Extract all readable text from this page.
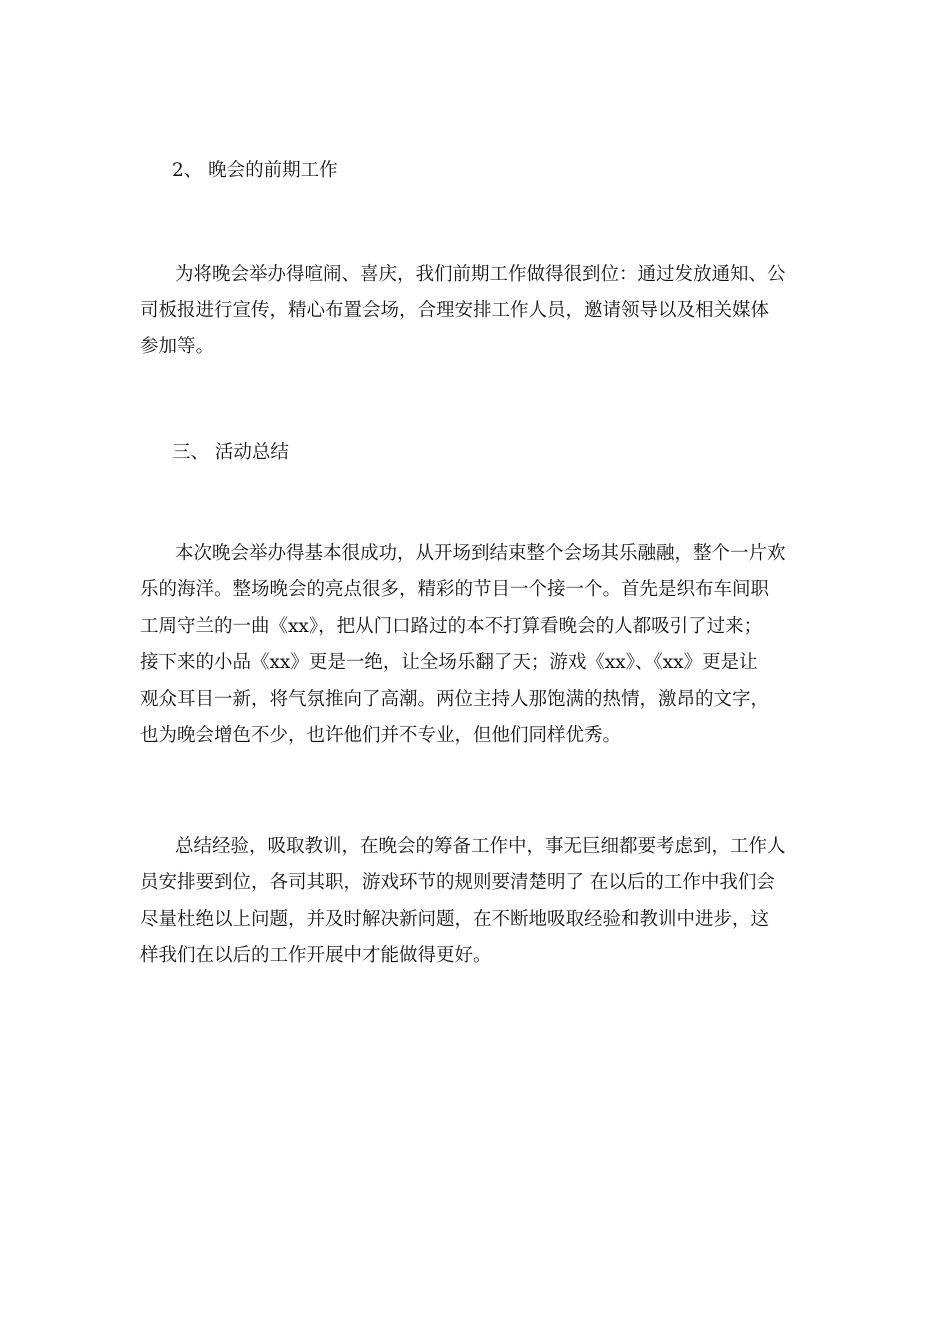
2、 晚会的前期工作
为将晚会举办得喧闹、喜庆，我们前期工作做得很到位：通过发放通知、公
司板报进行宣传，精心布置会场，合理安排工作人员，邀请领导以及相关媒体
参加等。
三、 活动总结
本次晚会举办得基本很成功，从开场到结束整个会场其乐融融，整个一片欢
乐的海洋。整场晚会的亮点很多，精彩的节目一个接一个。首先是织布车间职
工周守兰的一曲《xx》，把从门口路过的本不打算看晚会的人都吸引了过来；
接下来的小品《xx》更是一绝，让全场乐翻了天；游戏《xx》、《xx》更是让
观众耳目一新，将气氛推向了高潮。两位主持人那饱满的热情，激昂的文字，
也为晚会增色不少，也许他们并不专业，但他们同样优秀。
总结经验，吸取教训，在晚会的筹备工作中，事无巨细都要考虑到，工作人
员安排要到位，各司其职，游戏环节的规则要清楚明了 在以后的工作中我们会
尽量杜绝以上问题，并及时解决新问题，在不断地吸取经验和教训中进步，这
样我们在以后的工作开展中才能做得更好。
